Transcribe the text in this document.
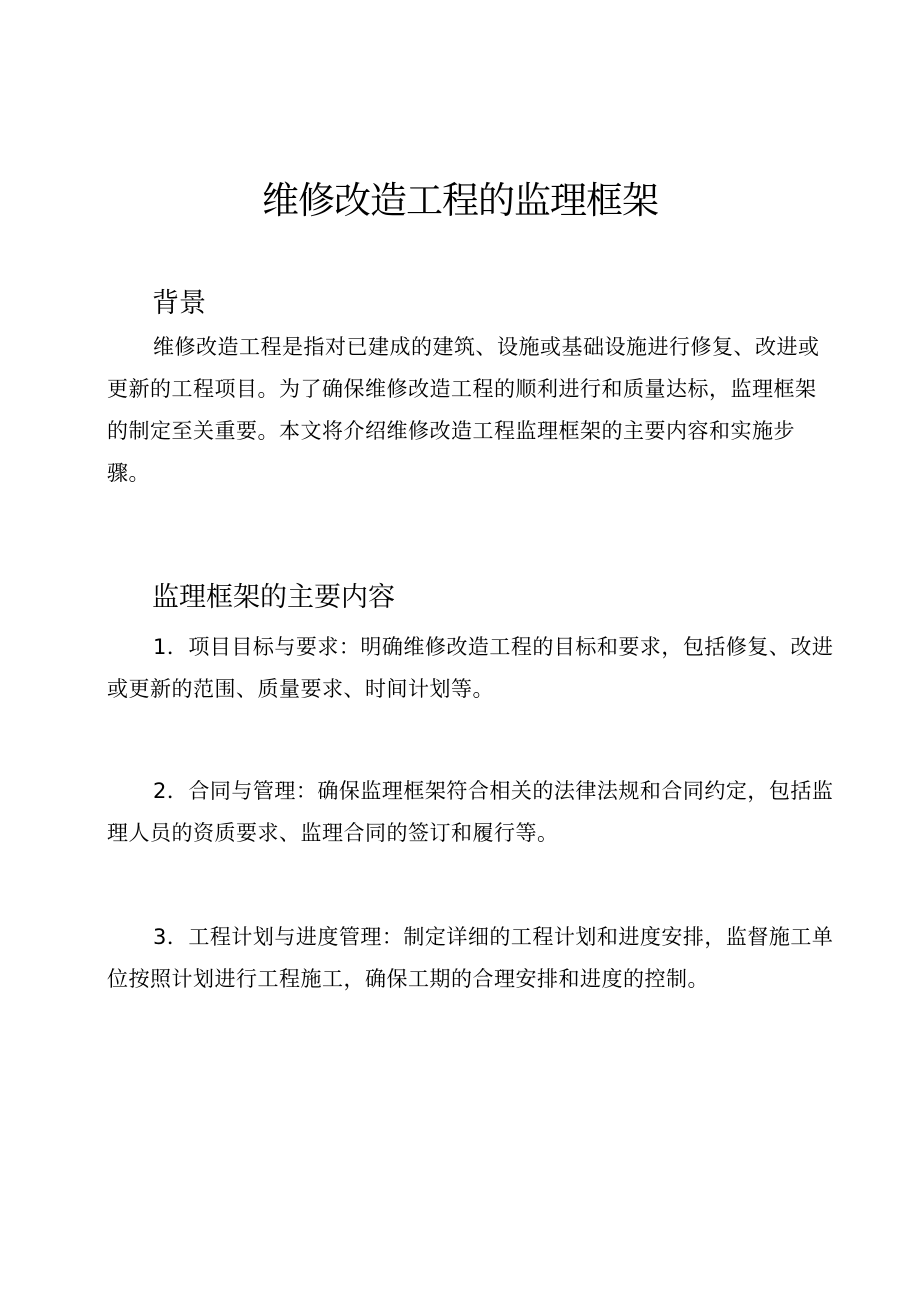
维修改造工程的监理框架
背景

维修改造工程是指对已建成的建筑、设施或基础设施进行修复、改进或更新的工程项目。为了确保维修改造工程的顺利进行和质量达标，监理框架的制定至关重要。本文将介绍维修改造工程监理框架的主要内容和实施步骤。

监理框架的主要内容

1．项目目标与要求：明确维修改造工程的目标和要求，包括修复、改进或更新的范围、质量要求、时间计划等。

2．合同与管理：确保监理框架符合相关的法律法规和合同约定，包括监理人员的资质要求、监理合同的签订和履行等。

3．工程计划与进度管理：制定详细的工程计划和进度安排，监督施工单位按照计划进行工程施工，确保工期的合理安排和进度的控制。
